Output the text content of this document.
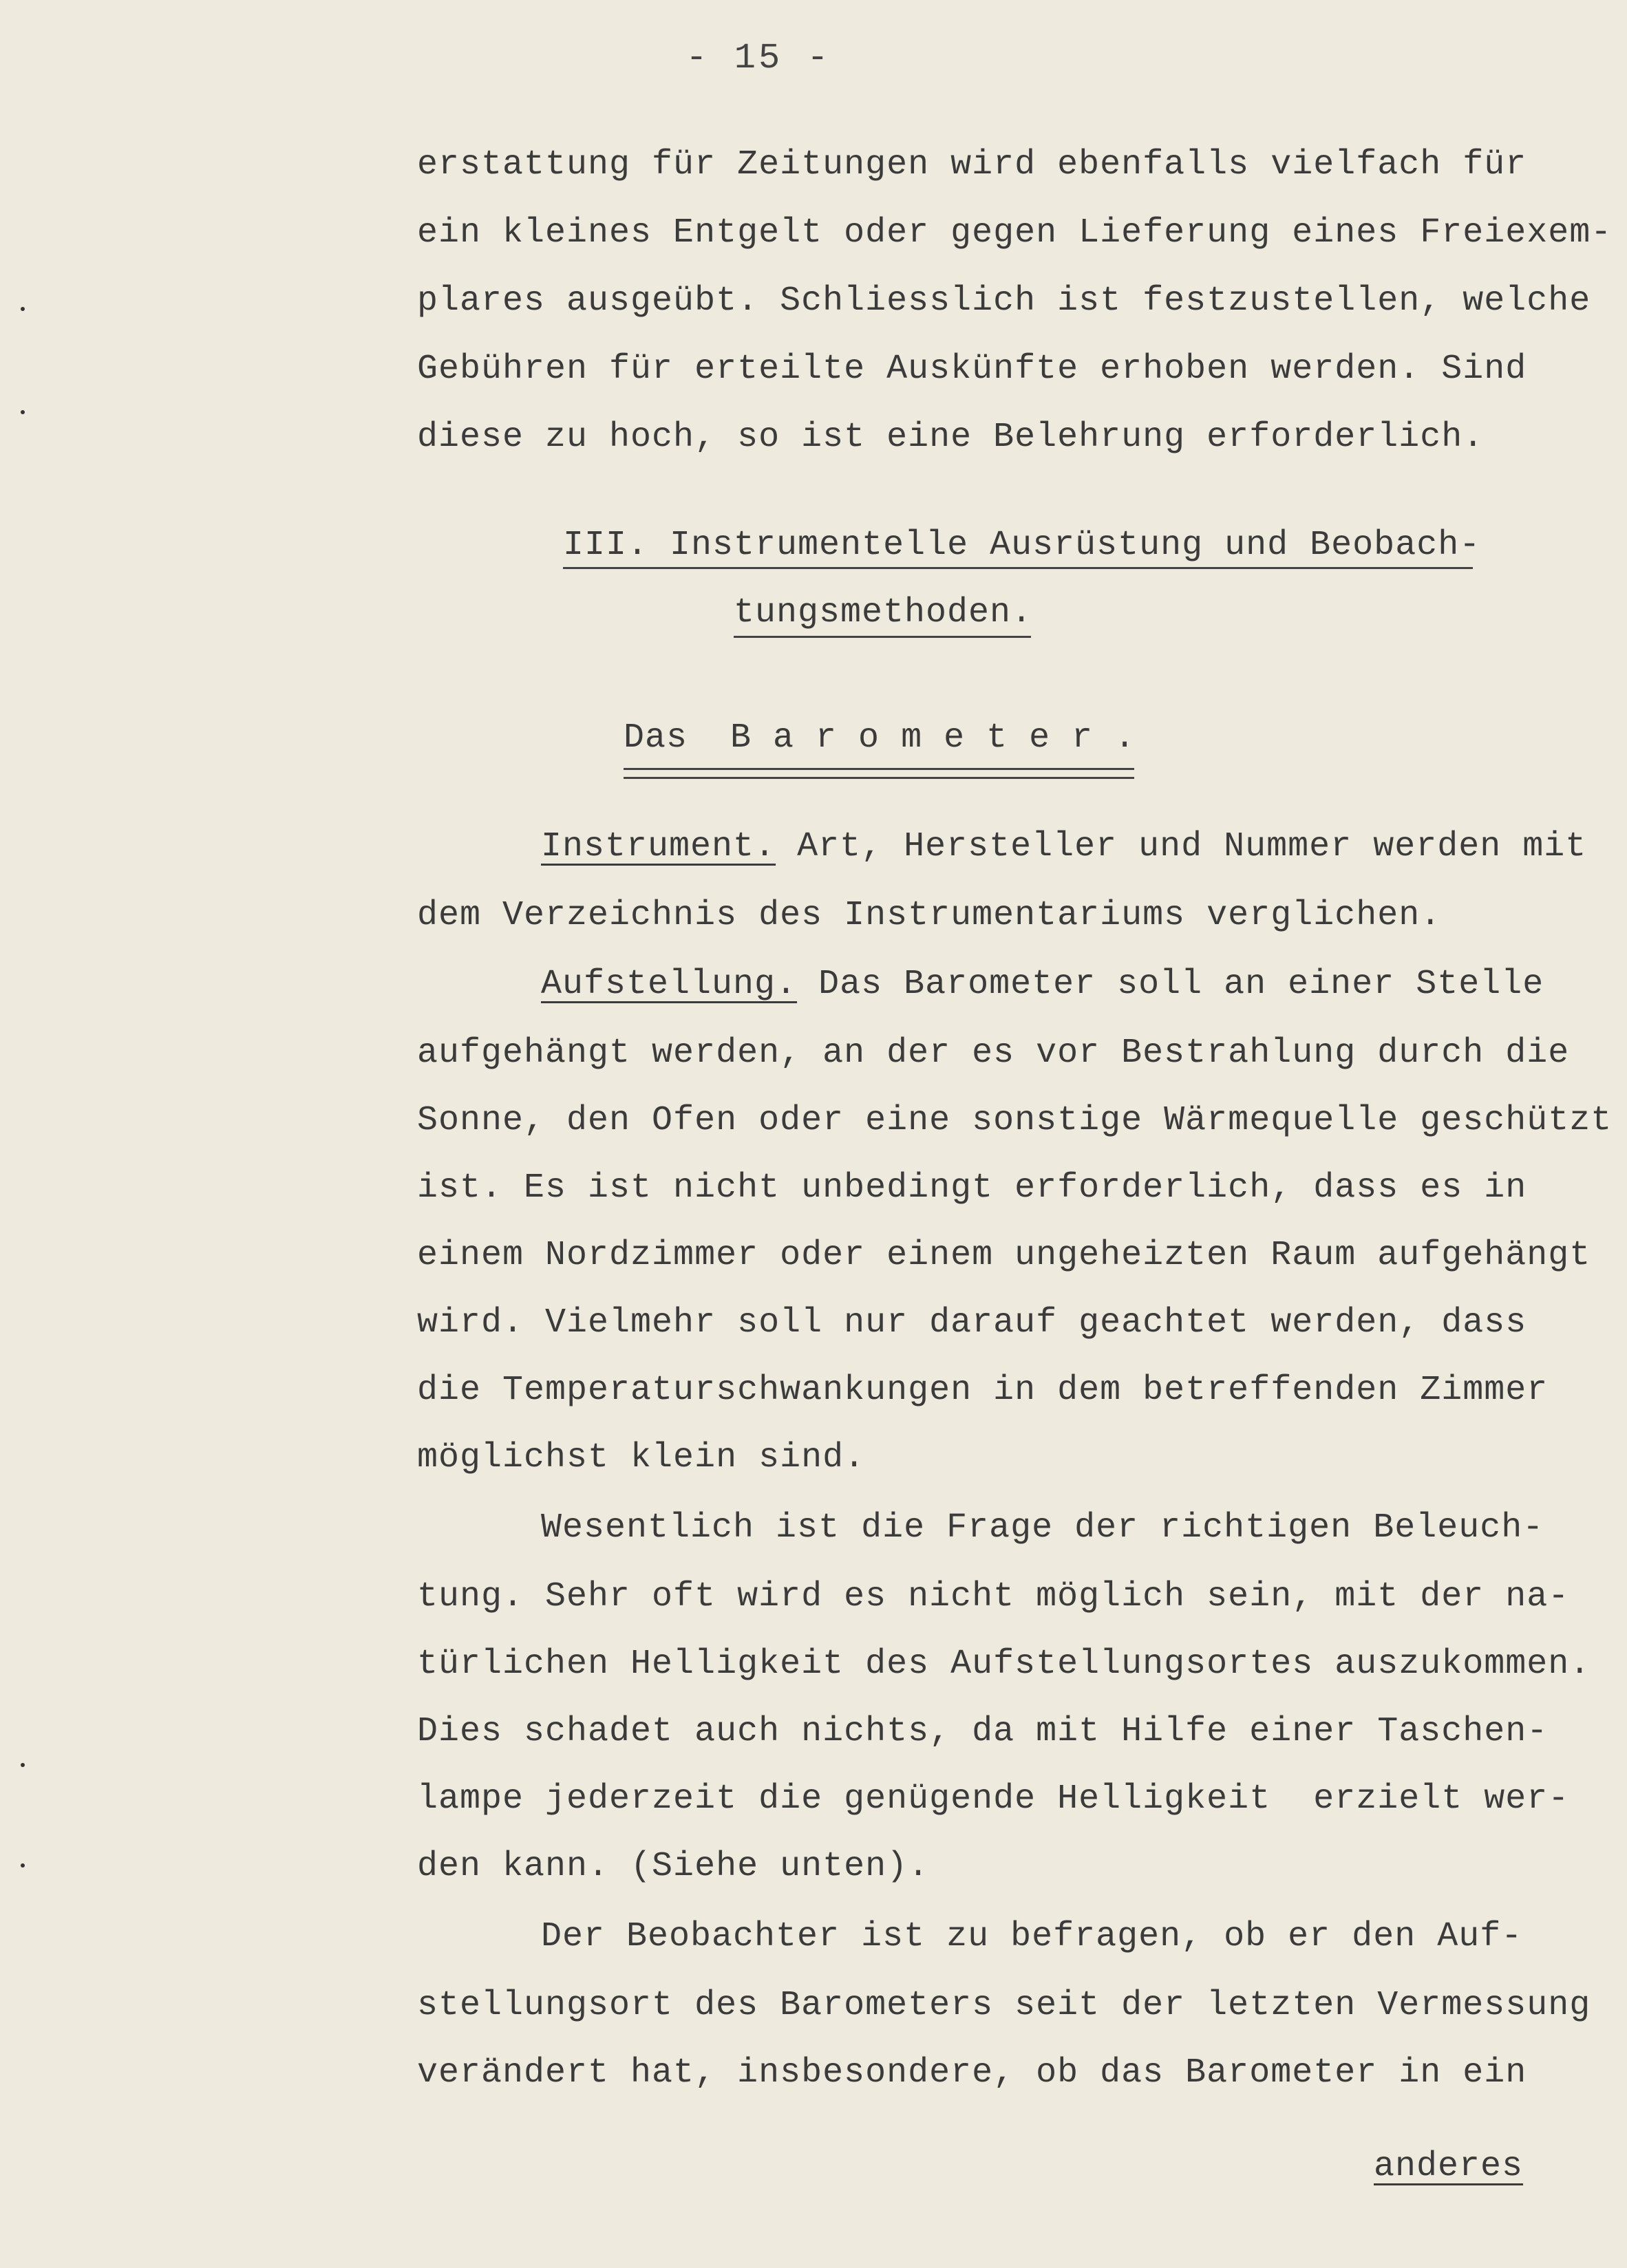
- 15 -
erstattung für Zeitungen wird ebenfalls vielfach für
ein kleines Entgelt oder gegen Lieferung eines Freiexem-
plares ausgeübt. Schliesslich ist festzustellen, welche
Gebühren für erteilte Auskünfte erhoben werden. Sind
diese zu hoch, so ist eine Belehrung erforderlich.
III. Instrumentelle Ausrüstung und Beobach-
tungsmethoden.
Das  B a r o m e t e r .
Instrument. Art, Hersteller und Nummer werden mit
dem Verzeichnis des Instrumentariums verglichen.
Aufstellung. Das Barometer soll an einer Stelle
aufgehängt werden, an der es vor Bestrahlung durch die
Sonne, den Ofen oder eine sonstige Wärmequelle geschützt
ist. Es ist nicht unbedingt erforderlich, dass es in
einem Nordzimmer oder einem ungeheizten Raum aufgehängt
wird. Vielmehr soll nur darauf geachtet werden, dass
die Temperaturschwankungen in dem betreffenden Zimmer
möglichst klein sind.
Wesentlich ist die Frage der richtigen Beleuch-
tung. Sehr oft wird es nicht möglich sein, mit der na-
türlichen Helligkeit des Aufstellungsortes auszukommen.
Dies schadet auch nichts, da mit Hilfe einer Taschen-
lampe jederzeit die genügende Helligkeit  erzielt wer-
den kann. (Siehe unten).
Der Beobachter ist zu befragen, ob er den Auf-
stellungsort des Barometers seit der letzten Vermessung
verändert hat, insbesondere, ob das Barometer in ein
anderes
